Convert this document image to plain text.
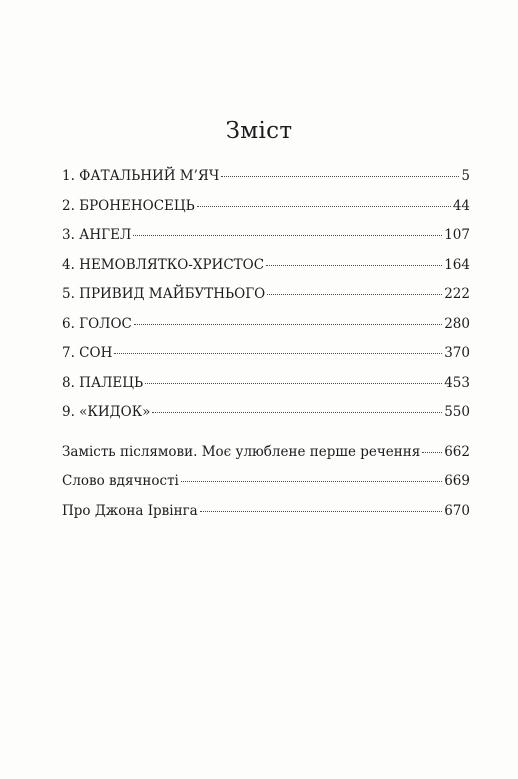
Зміст
1. ФАТАЛЬНИЙ М’ЯЧ	5
2. БРОНЕНОСЕЦЬ	44
3. АНГЕЛ	107
4. НЕМОВЛЯТКО-ХРИСТОС	164
5. ПРИВИД МАЙБУТНЬОГО	222
6. ГОЛОС	280
7. СОН	370
8. ПАЛЕЦЬ	453
9. «КИДОК»	550
Замість післямови. Моє улюблене перше речення 662
Слово вдячності	669
Про Джона Ірвінга	670
